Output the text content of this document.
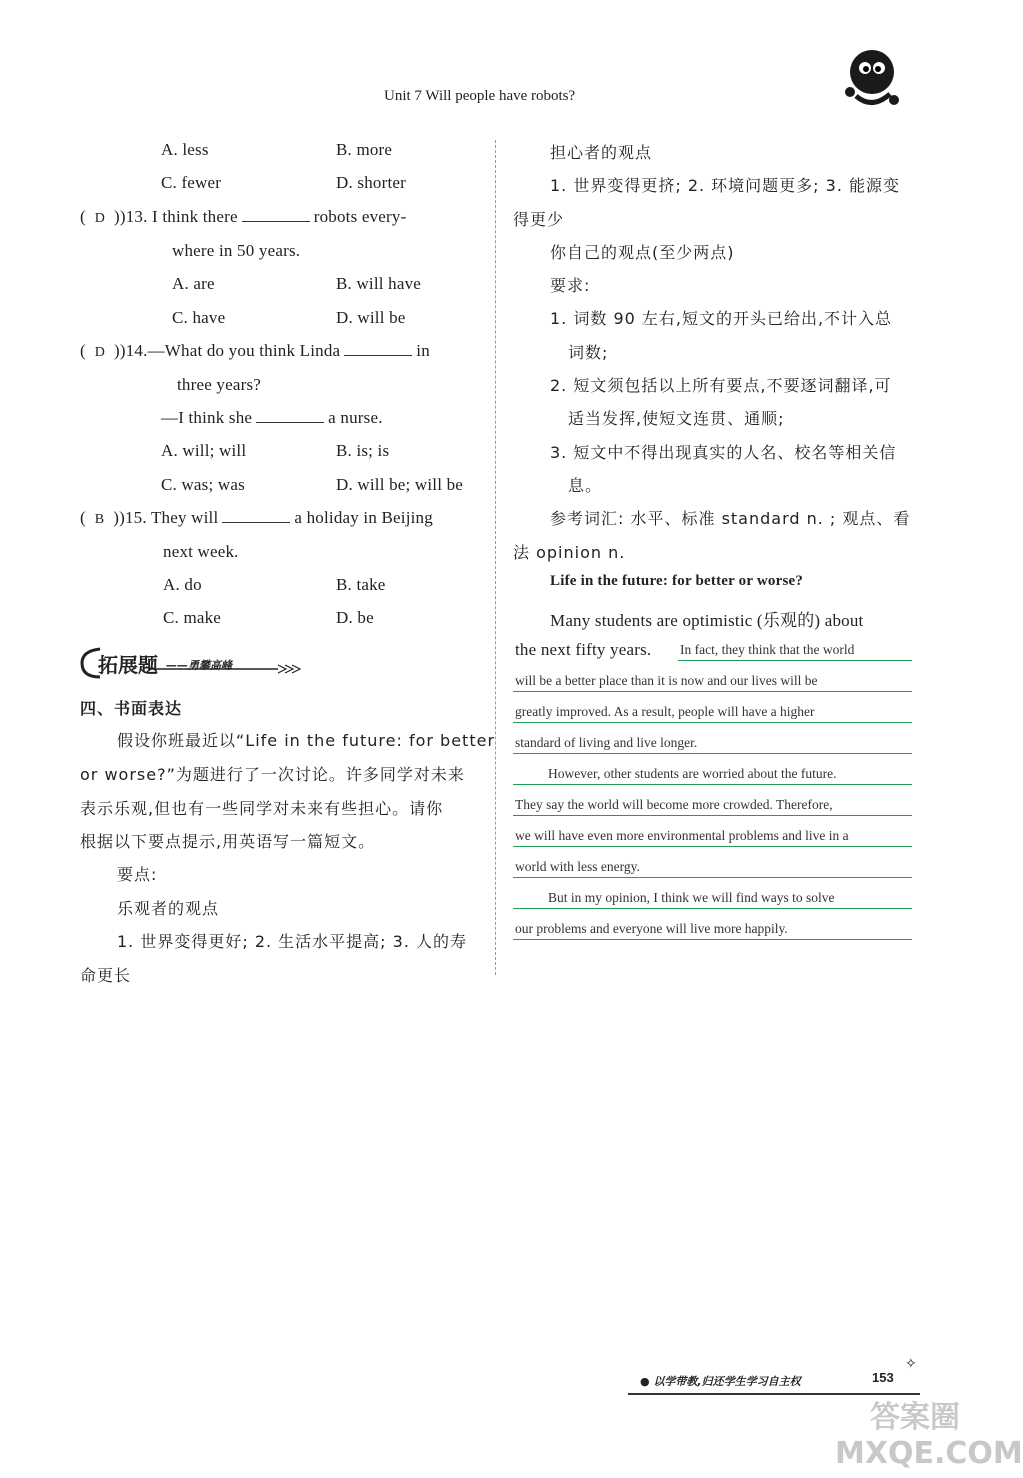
Unit 7 Will people have robots?
A. less	B. more
C. fewer	D. shorter
(  D  ))13. I think there	robots every-
where in 50 years.
A. are	B. will have
C. have	D. will be
(  D  ))14.—What do you think Linda	in
three years?
—I think she	a nurse.
A. will; will	B. is; is
C. was; was	D. will be; will be
(  B  ))15. They will	a holiday in Beijing
next week.
A. do	B. take
C. make	D. be
拓展题 ——勇攀高峰
四、书面表达
假设你班最近以“Life in the future: for better
or worse?”为题进行了一次讨论。许多同学对未来
表示乐观,但也有一些同学对未来有些担心。请你
根据以下要点提示,用英语写一篇短文。
要点:
乐观者的观点
1. 世界变得更好; 2. 生活水平提高; 3. 人的寿
命更长
担心者的观点
1. 世界变得更挤; 2. 环境问题更多; 3. 能源变
得更少
你自己的观点(至少两点)
要求:
1. 词数 90 左右,短文的开头已给出,不计入总
词数;
2. 短文须包括以上所有要点,不要逐词翻译,可
适当发挥,使短文连贯、通顺;
3. 短文中不得出现真实的人名、校名等相关信
息。
参考词汇: 水平、标准 standard n. ; 观点、看
法 opinion n.
Life in the future: for better or worse?
Many students are optimistic (乐观的) about
the next fifty years. In fact, they think that the world
will be a better place than it is now and our lives will be
greatly improved. As a result, people will have a higher
standard of living and live longer.
However, other students are worried about the future.
They say the world will become more crowded. Therefore,
we will have even more environmental problems and live in a
world with less energy.
But in my opinion, I think we will find ways to solve
our problems and everyone will live more happily.
● 以学带教,归还学生学习自主权	153
✧
答案圈 MXQE.COM
